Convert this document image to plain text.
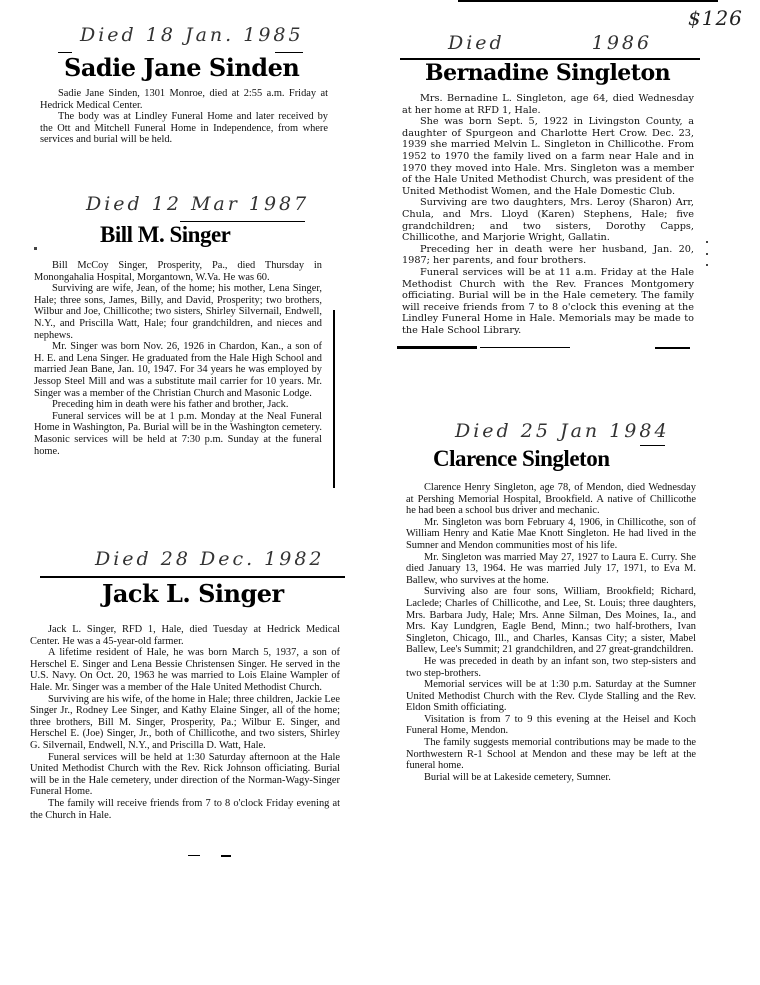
$126
Died 18 Jan. 1985
Sadie Jane Sinden

Sadie Jane Sinden, 1301 Monroe, died at 2:55 a.m. Friday at Hedrick Medical Center.

The body was at Lindley Funeral Home and later received by the Ott and Mitchell Funeral Home in Independence, from where services and burial will be held.

Died 1986
Bernadine Singleton

Mrs. Bernadine L. Singleton, age 64, died Wednesday at her home at RFD 1, Hale.

She was born Sept. 5, 1922 in Livingston County, a daughter of Spurgeon and Charlotte Hert Crow. Dec. 23, 1939 she married Melvin L. Singleton in Chillicothe. From 1952 to 1970 the family lived on a farm near Hale and in 1970 they moved into Hale. Mrs. Singleton was a member of the Hale United Methodist Church, was president of the United Methodist Women, and the Hale Domestic Club.

Surviving are two daughters, Mrs. Leroy (Sharon) Arr, Chula, and Mrs. Lloyd (Karen) Stephens, Hale; five grandchildren; and two sisters, Dorothy Capps, Chillicothe, and Marjorie Wright, Gallatin.

Preceding her in death were her husband, Jan. 20, 1987; her parents, and four brothers.

Funeral services will be at 11 a.m. Friday at the Hale Methodist Church with the Rev. Frances Montgomery officiating. Burial will be in the Hale cemetery. The family will receive friends from 7 to 8 o'clock this evening at the Lindley Funeral Home in Hale. Memorials may be made to the Hale School Library.

Died 12 Mar 1987
Bill M. Singer

Bill McCoy Singer, Prosperity, Pa., died Thursday in Monongahalia Hospital, Morgantown, W.Va. He was 60.

Surviving are wife, Jean, of the home; his mother, Lena Singer, Hale; three sons, James, Billy, and David, Prosperity; two brothers, Wilbur and Joe, Chillicothe; two sisters, Shirley Silvernail, Endwell, N.Y., and Priscilla Watt, Hale; four grandchildren, and nieces and nephews.

Mr. Singer was born Nov. 26, 1926 in Chardon, Kan., a son of H. E. and Lena Singer. He graduated from the Hale High School and married Jean Bane, Jan. 10, 1947. For 34 years he was employed by Jessop Steel Mill and was a substitute mail carrier for 10 years. Mr. Singer was a member of the Christian Church and Masonic Lodge.

Preceding him in death were his father and brother, Jack.

Funeral services will be at 1 p.m. Monday at the Neal Funeral Home in Washington, Pa. Burial will be in the Washington cemetery. Masonic services will be held at 7:30 p.m. Sunday at the funeral home.

Died 25 Jan 1984
Clarence Singleton

Clarence Henry Singleton, age 78, of Mendon, died Wednesday at Pershing Memorial Hospital, Brookfield. A native of Chillicothe he had been a school bus driver and mechanic.

Mr. Singleton was born February 4, 1906, in Chillicothe, son of William Henry and Katie Mae Knott Singleton. He had lived in the Sumner and Mendon communities most of his life.

Mr. Singleton was married May 27, 1927 to Laura E. Curry. She died January 13, 1964. He was married July 17, 1971, to Eva M. Ballew, who survives at the home.

Surviving also are four sons, William, Brookfield; Richard, Laclede; Charles of Chillicothe, and Lee, St. Louis; three daughters, Mrs. Barbara Judy, Hale; Mrs. Anne Silman, Des Moines, Ia., and Mrs. Kay Lundgren, Eagle Bend, Minn.; two half-brothers, Ivan Singleton, Chicago, Ill., and Charles, Kansas City; a sister, Mabel Ballew, Lee's Summit; 21 grandchildren, and 27 great-grandchildren.

He was preceded in death by an infant son, two step-sisters and two step-brothers.

Memorial services will be at 1:30 p.m. Saturday at the Sumner United Methodist Church with the Rev. Clyde Stalling and the Rev. Eldon Smith officiating.

Visitation is from 7 to 9 this evening at the Heisel and Koch Funeral Home, Mendon.

The family suggests memorial contributions may be made to the Northwestern R-1 School at Mendon and these may be left at the funeral home.

Burial will be at Lakeside cemetery, Sumner.

Died 28 Dec. 1982
Jack L. Singer

Jack L. Singer, RFD 1, Hale, died Tuesday at Hedrick Medical Center. He was a 45-year-old farmer.

A lifetime resident of Hale, he was born March 5, 1937, a son of Herschel E. Singer and Lena Bessie Christensen Singer. He served in the U.S. Navy. On Oct. 20, 1963 he was married to Lois Elaine Wampler of Hale. Mr. Singer was a member of the Hale United Methodist Church.

Surviving are his wife, of the home in Hale; three children, Jackie Lee Singer Jr., Rodney Lee Singer, and Kathy Elaine Singer, all of the home; three brothers, Bill M. Singer, Prosperity, Pa.; Wilbur E. Singer, and Herschel E. (Joe) Singer, Jr., both of Chillicothe, and two sisters, Shirley G. Silvernail, Endwell, N.Y., and Priscilla D. Watt, Hale.

Funeral services will be held at 1:30 Saturday afternoon at the Hale United Methodist Church with the Rev. Rick Johnson officiating. Burial will be in the Hale cemetery, under direction of the Norman-Wagy-Singer Funeral Home.

The family will receive friends from 7 to 8 o'clock Friday evening at the Church in Hale.
